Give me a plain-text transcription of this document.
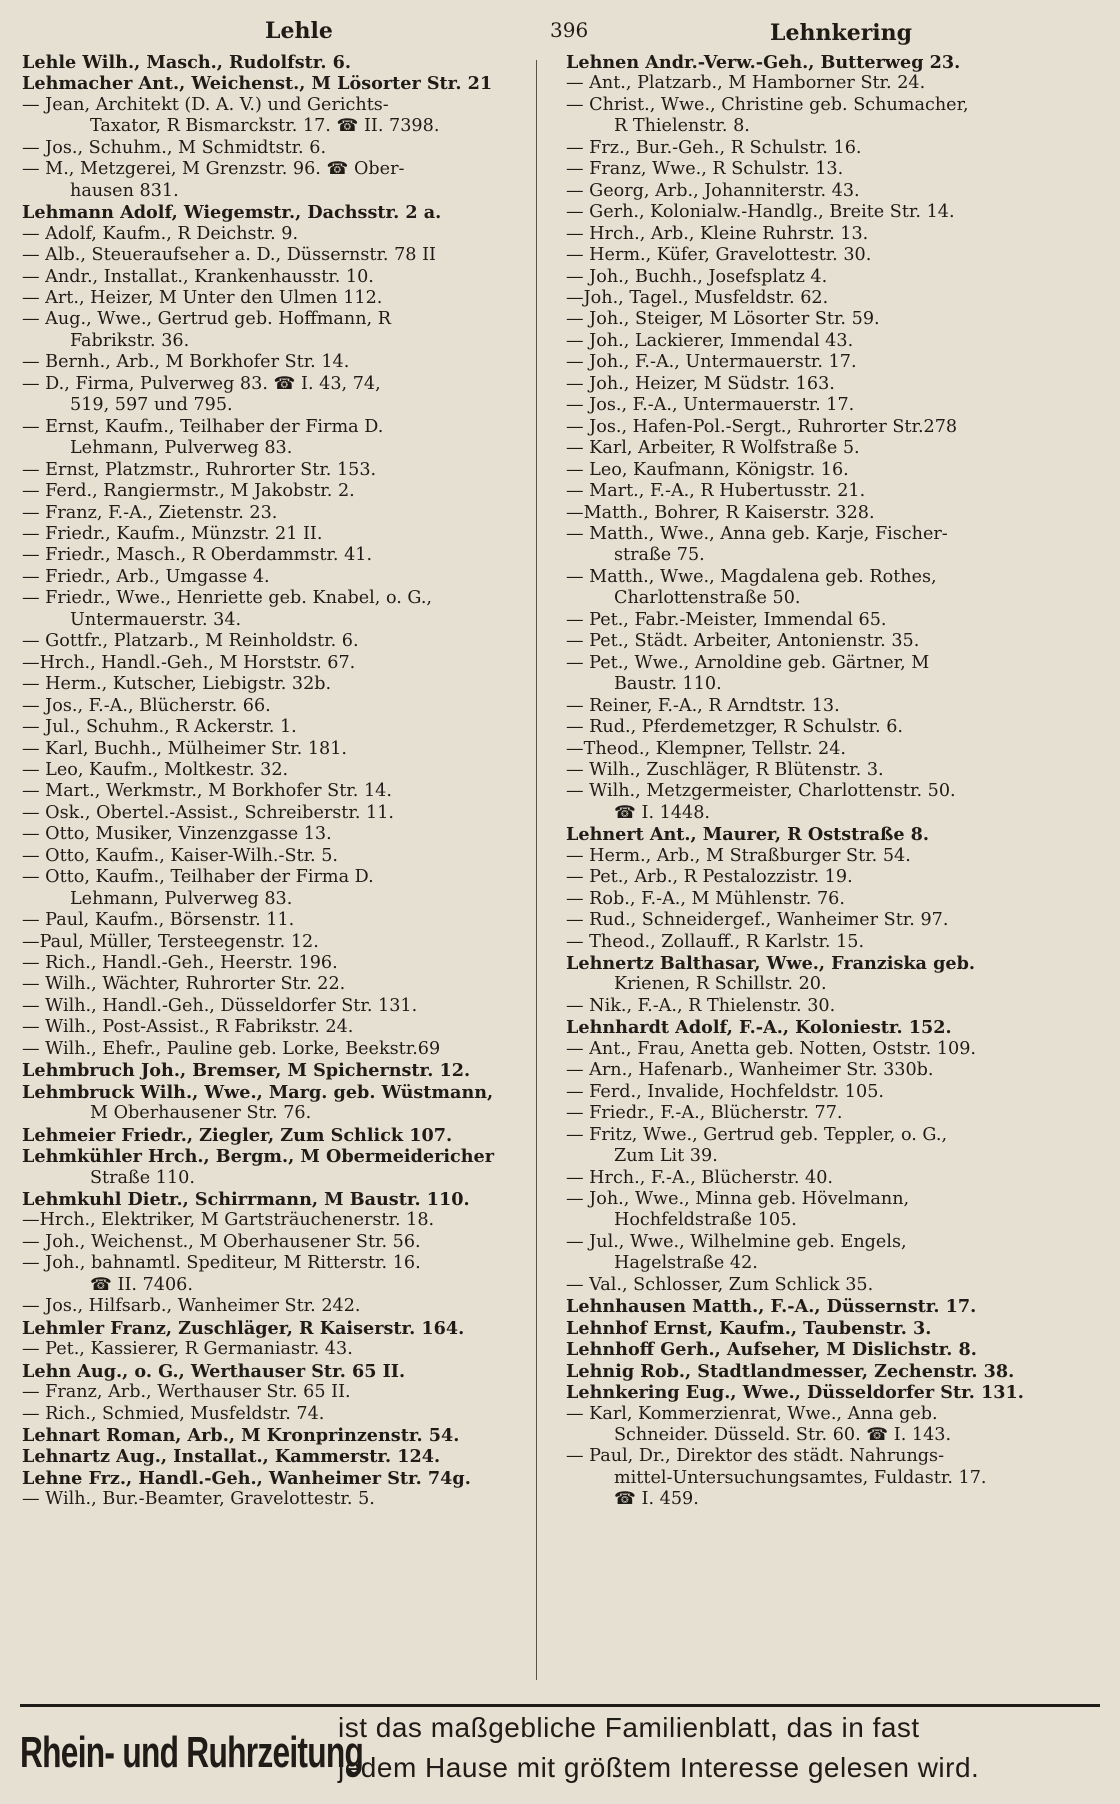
Lehle	396	Lehnkering
Lehle Wilh., Masch., Rudolfstr. 6.
Lehmacher Ant., Weichenst., M Lösorter Str. 21
— Jean, Architekt (D. A. V.) und Gerichts-
Taxator, R Bismarckstr. 17. ☎ II. 7398.
— Jos., Schuhm., M Schmidtstr. 6.
— M., Metzgerei, M Grenzstr. 96. ☎ Ober-
hausen 831.
Lehmann Adolf, Wiegemstr., Dachsstr. 2 a.
— Adolf, Kaufm., R Deichstr. 9.
— Alb., Steueraufseher a. D., Düssernstr. 78 II
— Andr., Installat., Krankenhausstr. 10.
— Art., Heizer, M Unter den Ulmen 112.
— Aug., Wwe., Gertrud geb. Hoffmann, R
Fabrikstr. 36.
— Bernh., Arb., M Borkhofer Str. 14.
— D., Firma, Pulverweg 83. ☎ I. 43, 74,
519, 597 und 795.
— Ernst, Kaufm., Teilhaber der Firma D.
Lehmann, Pulverweg 83.
— Ernst, Platzmstr., Ruhrorter Str. 153.
— Ferd., Rangiermstr., M Jakobstr. 2.
— Franz, F.-A., Zietenstr. 23.
— Friedr., Kaufm., Münzstr. 21 II.
— Friedr., Masch., R Oberdammstr. 41.
— Friedr., Arb., Umgasse 4.
— Friedr., Wwe., Henriette geb. Knabel, o. G.,
Untermauerstr. 34.
— Gottfr., Platzarb., M Reinholdstr. 6.
—Hrch., Handl.-Geh., M Horststr. 67.
— Herm., Kutscher, Liebigstr. 32b.
— Jos., F.-A., Blücherstr. 66.
— Jul., Schuhm., R Ackerstr. 1.
— Karl, Buchh., Mülheimer Str. 181.
— Leo, Kaufm., Moltkestr. 32.
— Mart., Werkmstr., M Borkhofer Str. 14.
— Osk., Obertel.-Assist., Schreiberstr. 11.
— Otto, Musiker, Vinzenzgasse 13.
— Otto, Kaufm., Kaiser-Wilh.-Str. 5.
— Otto, Kaufm., Teilhaber der Firma D.
Lehmann, Pulverweg 83.
— Paul, Kaufm., Börsenstr. 11.
—Paul, Müller, Tersteegenstr. 12.
— Rich., Handl.-Geh., Heerstr. 196.
— Wilh., Wächter, Ruhrorter Str. 22.
— Wilh., Handl.-Geh., Düsseldorfer Str. 131.
— Wilh., Post-Assist., R Fabrikstr. 24.
— Wilh., Ehefr., Pauline geb. Lorke, Beekstr.69
Lehmbruch Joh., Bremser, M Spichernstr. 12.
Lehmbruck Wilh., Wwe., Marg. geb. Wüstmann,
M Oberhausener Str. 76.
Lehmeier Friedr., Ziegler, Zum Schlick 107.
Lehmkühler Hrch., Bergm., M Obermeidericher
Straße 110.
Lehmkuhl Dietr., Schirrmann, M Baustr. 110.
—Hrch., Elektriker, M Gartsträuchenerstr. 18.
— Joh., Weichenst., M Oberhausener Str. 56.
— Joh., bahnamtl. Spediteur, M Ritterstr. 16.
☎ II. 7406.
— Jos., Hilfsarb., Wanheimer Str. 242.
Lehmler Franz, Zuschläger, R Kaiserstr. 164.
— Pet., Kassierer, R Germaniastr. 43.
Lehn Aug., o. G., Werthauser Str. 65 II.
— Franz, Arb., Werthauser Str. 65 II.
— Rich., Schmied, Musfeldstr. 74.
Lehnart Roman, Arb., M Kronprinzenstr. 54.
Lehnartz Aug., Installat., Kammerstr. 124.
Lehne Frz., Handl.-Geh., Wanheimer Str. 74g.
— Wilh., Bur.-Beamter, Gravelottestr. 5.
Lehnen Andr.-Verw.-Geh., Butterweg 23.
— Ant., Platzarb., M Hamborner Str. 24.
— Christ., Wwe., Christine geb. Schumacher,
R Thielenstr. 8.
— Frz., Bur.-Geh., R Schulstr. 16.
— Franz, Wwe., R Schulstr. 13.
— Georg, Arb., Johanniterstr. 43.
— Gerh., Kolonialw.-Handlg., Breite Str. 14.
— Hrch., Arb., Kleine Ruhrstr. 13.
— Herm., Küfer, Gravelottestr. 30.
— Joh., Buchh., Josefsplatz 4.
—Joh., Tagel., Musfeldstr. 62.
— Joh., Steiger, M Lösorter Str. 59.
— Joh., Lackierer, Immendal 43.
— Joh., F.-A., Untermauerstr. 17.
— Joh., Heizer, M Südstr. 163.
— Jos., F.-A., Untermauerstr. 17.
— Jos., Hafen-Pol.-Sergt., Ruhrorter Str.278
— Karl, Arbeiter, R Wolfstraße 5.
— Leo, Kaufmann, Königstr. 16.
— Mart., F.-A., R Hubertusstr. 21.
—Matth., Bohrer, R Kaiserstr. 328.
— Matth., Wwe., Anna geb. Karje, Fischer-
straße 75.
— Matth., Wwe., Magdalena geb. Rothes,
Charlottenstraße 50.
— Pet., Fabr.-Meister, Immendal 65.
— Pet., Städt. Arbeiter, Antonienstr. 35.
— Pet., Wwe., Arnoldine geb. Gärtner, M
Baustr. 110.
— Reiner, F.-A., R Arndtstr. 13.
— Rud., Pferdemetzger, R Schulstr. 6.
—Theod., Klempner, Tellstr. 24.
— Wilh., Zuschläger, R Blütenstr. 3.
— Wilh., Metzgermeister, Charlottenstr. 50.
☎ I. 1448.
Lehnert Ant., Maurer, R Oststraße 8.
— Herm., Arb., M Straßburger Str. 54.
— Pet., Arb., R Pestalozzistr. 19.
— Rob., F.-A., M Mühlenstr. 76.
— Rud., Schneidergef., Wanheimer Str. 97.
— Theod., Zollauff., R Karlstr. 15.
Lehnertz Balthasar, Wwe., Franziska geb.
Krienen, R Schillstr. 20.
— Nik., F.-A., R Thielenstr. 30.
Lehnhardt Adolf, F.-A., Koloniestr. 152.
— Ant., Frau, Anetta geb. Notten, Oststr. 109.
— Arn., Hafenarb., Wanheimer Str. 330b.
— Ferd., Invalide, Hochfeldstr. 105.
— Friedr., F.-A., Blücherstr. 77.
— Fritz, Wwe., Gertrud geb. Teppler, o. G.,
Zum Lit 39.
— Hrch., F.-A., Blücherstr. 40.
— Joh., Wwe., Minna geb. Hövelmann,
Hochfeldstraße 105.
— Jul., Wwe., Wilhelmine geb. Engels,
Hagelstraße 42.
— Val., Schlosser, Zum Schlick 35.
Lehnhausen Matth., F.-A., Düssernstr. 17.
Lehnhof Ernst, Kaufm., Taubenstr. 3.
Lehnhoff Gerh., Aufseher, M Dislichstr. 8.
Lehnig Rob., Stadtlandmesser, Zechenstr. 38.
Lehnkering Eug., Wwe., Düsseldorfer Str. 131.
— Karl, Kommerzienrat, Wwe., Anna geb.
Schneider. Düsseld. Str. 60. ☎ I. 143.
— Paul, Dr., Direktor des städt. Nahrungs-
mittel-Untersuchungsamtes, Fuldastr. 17.
☎ I. 459.
Rhein- und Ruhrzeitung
ist das maßgebliche Familienblatt, das in fast
jedem Hause mit größtem Interesse gelesen wird.
